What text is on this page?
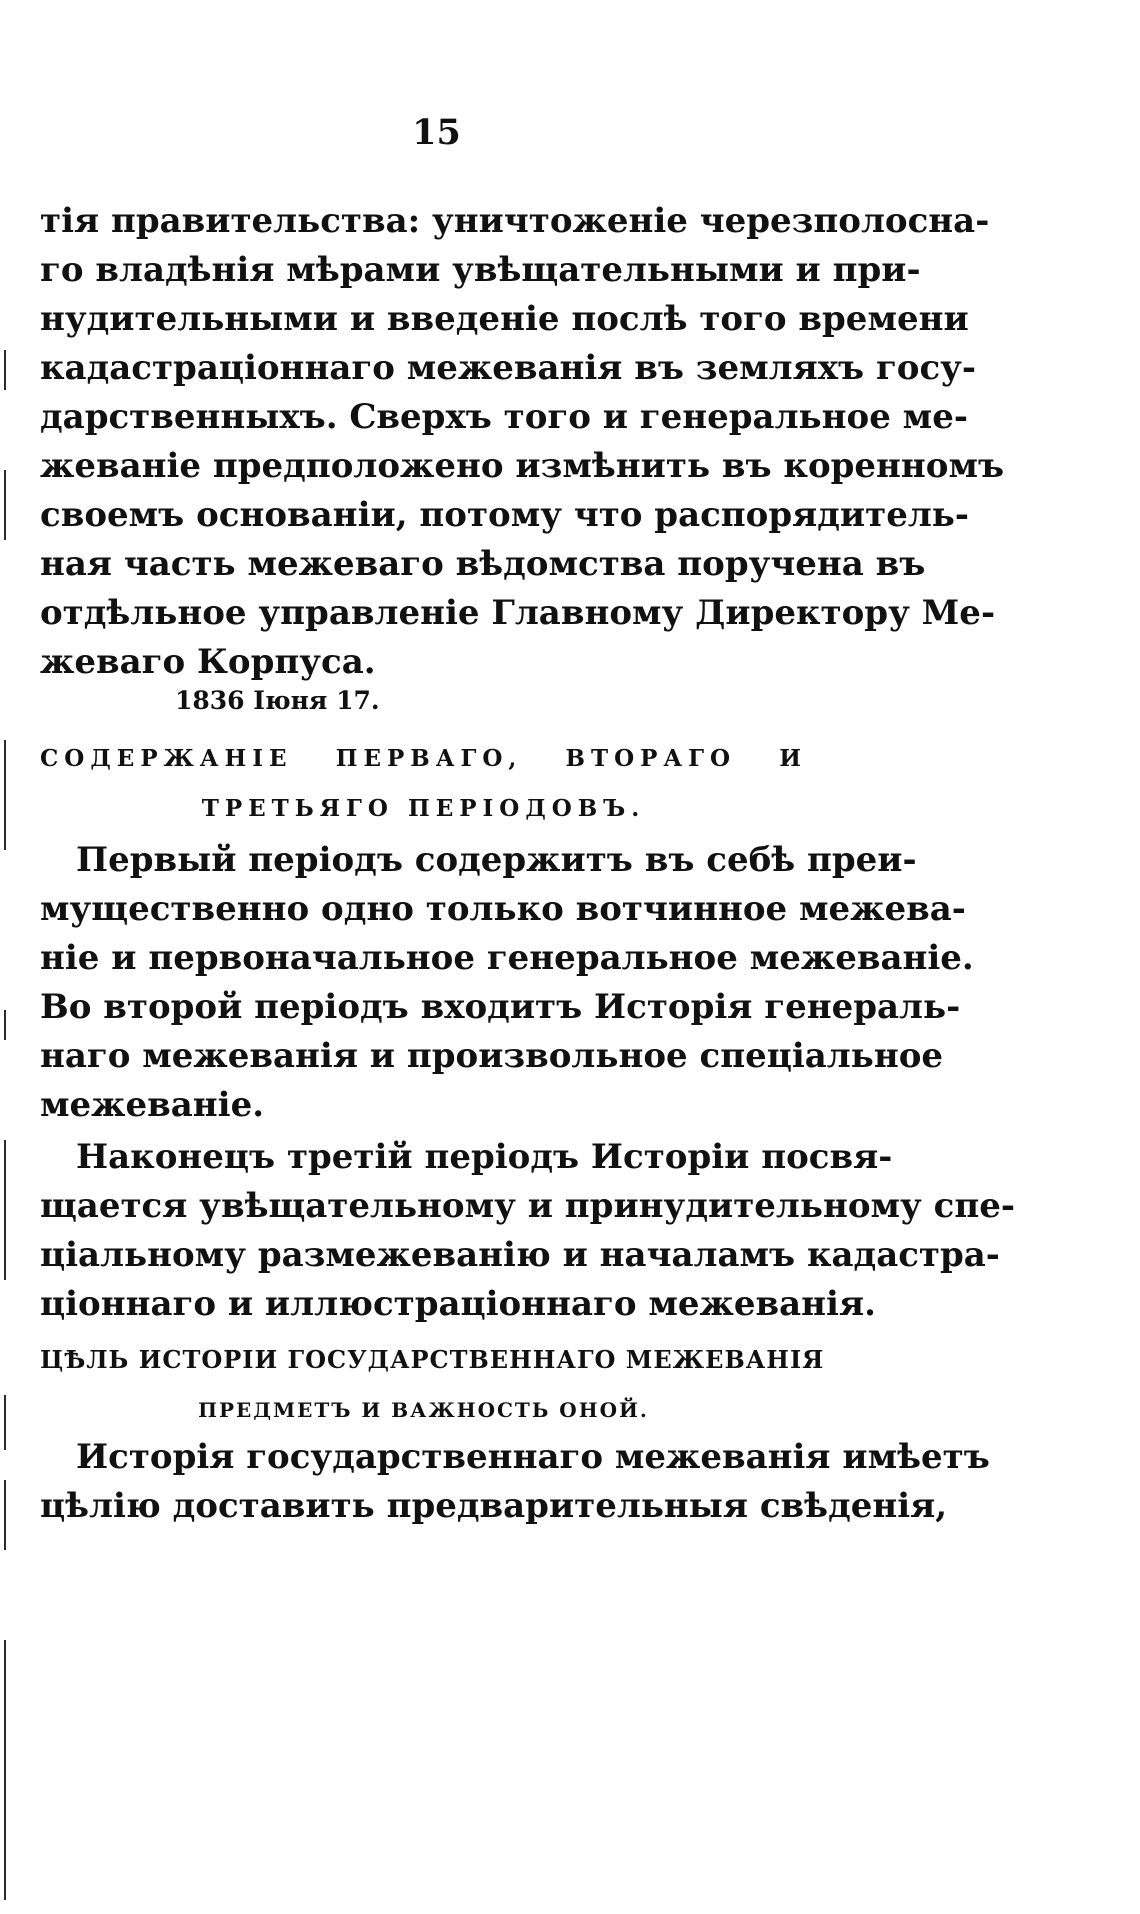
15
тія правительства: уничтоженіе черезполосна-
го владѣнія мѣрами увѣщательными и при-
нудительными и введеніе послѣ того времени
кадастраціоннаго межеванія въ земляхъ госу-
дарственныхъ. Сверхъ того и генеральное ме-
жеваніе предположено измѣнить въ коренномъ
своемъ основаніи, потому что распорядитель-
ная часть межеваго вѣдомства поручена въ
отдѣльное управленіе Главному Директору Ме-
жеваго Корпуса.
1836 Іюня 17.
СОДЕРЖАНІЕ ПЕРВАГО, ВТОРАГО И
ТРЕТЬЯГО ПЕРІОДОВЪ.
Первый періодъ содержитъ въ себѣ преи-
мущественно одно только вотчинное межева-
ніе и первоначальное генеральное межеваніе.
Во второй періодъ входитъ Исторія генераль-
наго межеванія и произвольное спеціальное
межеваніе.
Наконецъ третій періодъ Исторіи посвя-
щается увѣщательному и принудительному спе-
ціальному размежеванію и началамъ кадастра-
ціоннаго и иллюстраціоннаго межеванія.
ЦѢЛЬ ИСТОРІИ ГОСУДАРСТВЕННАГО МЕЖЕВАНІЯ
ПРЕДМЕТЪ И ВАЖНОСТЬ ОНОЙ.
Исторія государственнаго межеванія имѣетъ
цѣлію доставить предварительныя свѣденія,
